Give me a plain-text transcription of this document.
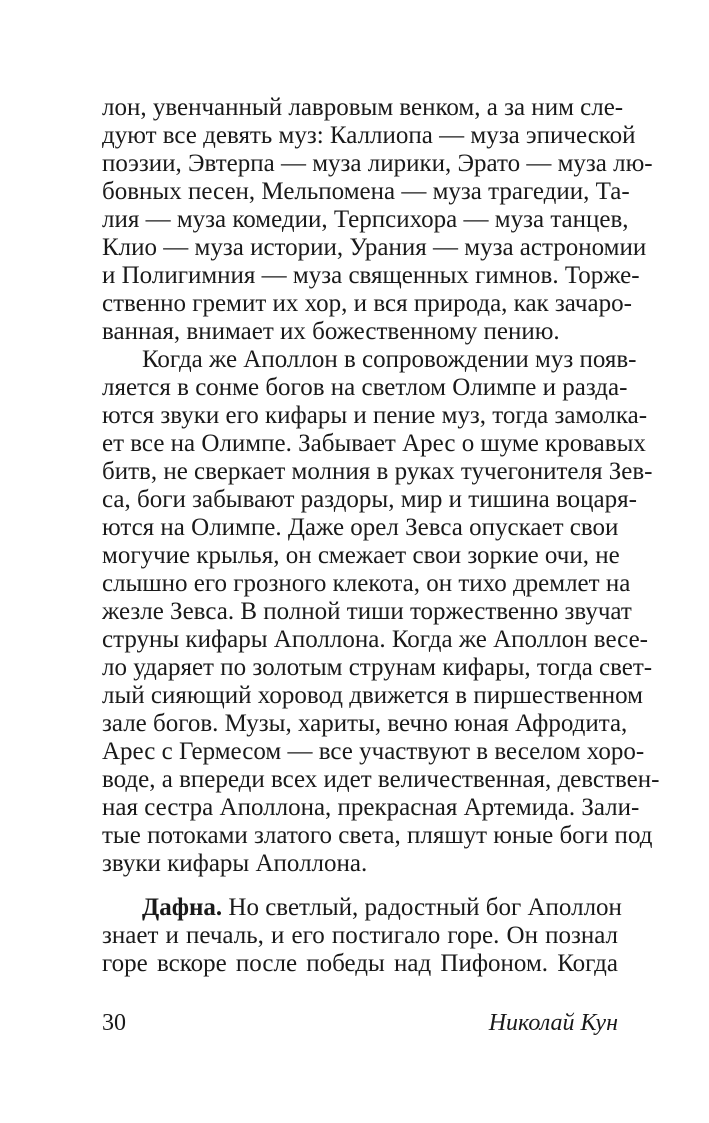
лон, увенчанный лавровым венком, а за ним сле-
дуют все девять муз: Каллиопа — муза эпической
поэзии, Эвтерпа — муза лирики, Эрато — муза лю-
бовных песен, Мельпомена — муза трагедии, Та-
лия — муза комедии, Терпсихора — муза танцев,
Клио — муза истории, Урания — муза астрономии
и Полигимния — муза священных гимнов. Торже-
ственно гремит их хор, и вся природа, как зачаро-
ванная, внимает их божественному пению.
Когда же Аполлон в сопровождении муз появ-
ляется в сонме богов на светлом Олимпе и разда-
ются звуки его кифары и пение муз, тогда замолка-
ет все на Олимпе. Забывает Арес о шуме кровавых
битв, не сверкает молния в руках тучегонителя Зев-
са, боги забывают раздоры, мир и тишина воцаря-
ются на Олимпе. Даже орел Зевса опускает свои
могучие крылья, он смежает свои зоркие очи, не
слышно его грозного клекота, он тихо дремлет на
жезле Зевса. В полной тиши торжественно звучат
струны кифары Аполлона. Когда же Аполлон весе-
ло ударяет по золотым струнам кифары, тогда свет-
лый сияющий хоровод движется в пиршественном
зале богов. Музы, хариты, вечно юная Афродита,
Арес с Гермесом — все участвуют в веселом хоро-
воде, а впереди всех идет величественная, девствен-
ная сестра Аполлона, прекрасная Артемида. Зали-
тые потоками златого света, пляшут юные боги под
звуки кифары Аполлона.
Дафна. Но светлый, радостный бог Аполлон
знает и печаль, и его постигало горе. Он познал
горе вскоре после победы над Пифоном. Когда
30	Николай Кун
